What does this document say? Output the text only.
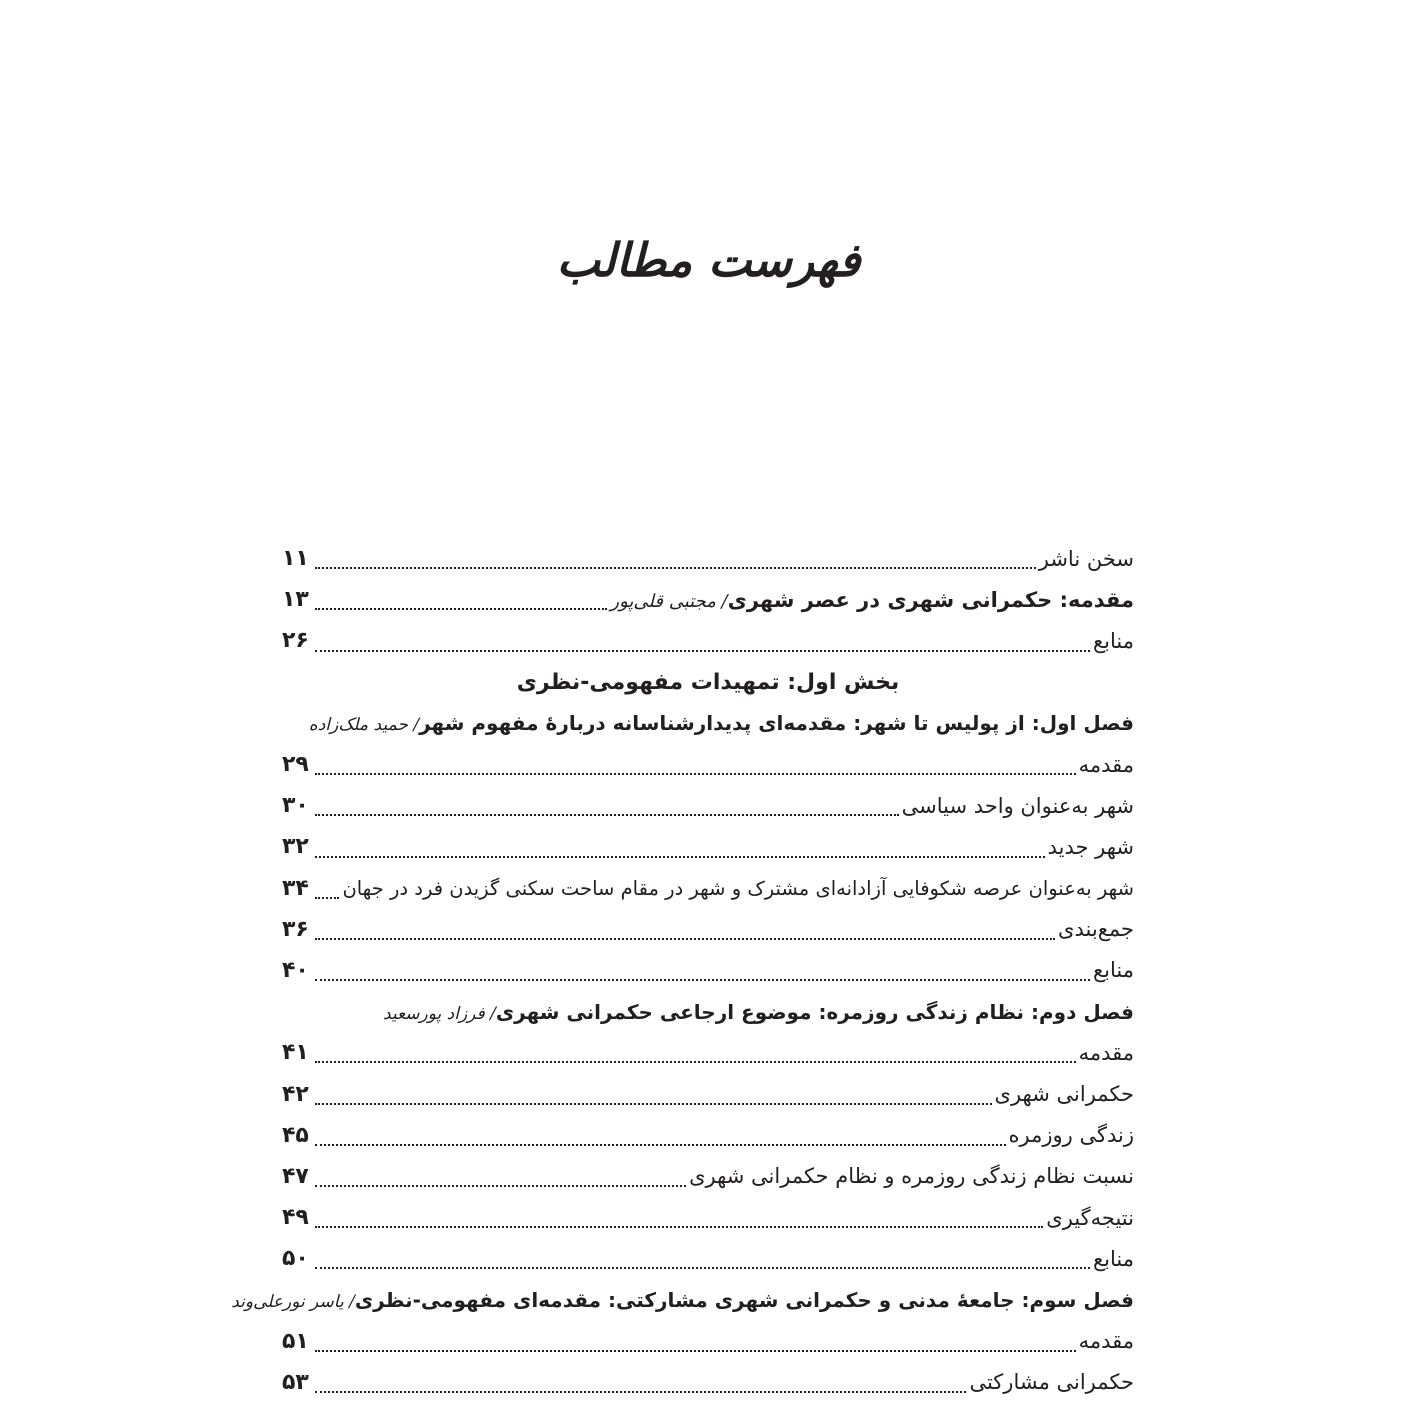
فهرست مطالب
سخن ناشر
۱۱
مقدمه: حکمرانی شهری در عصر شهری/ مجتبی قلی‌پور
۱۳
منابع
۲۶
بخش اول: تمهیدات مفهومی-نظری
فصل اول: از پولیس تا شهر: مقدمه‌ای پدیدارشناسانه دربارۀ مفهوم شهر/ حمید ملک‌زاده
مقدمه
۲۹
شهر به‌عنوان واحد سیاسی
۳۰
شهر جدید
۳۲
شهر به‌عنوان عرصه شکوفایی آزادانه‌ای مشترک و شهر در مقام ساحت سکنی گزیدن فرد در جهان
۳۴
جمع‌بندی
۳۶
منابع
۴۰
فصل دوم: نظام زندگی روزمره: موضوع ارجاعی حکمرانی شهری/ فرزاد پورسعید
مقدمه
۴۱
حکمرانی شهری
۴۲
زندگی روزمره
۴۵
نسبت نظام زندگی روزمره و نظام حکمرانی شهری
۴۷
نتیجه‌گیری
۴۹
منابع
۵۰
فصل سوم: جامعۀ مدنی و حکمرانی شهری مشارکتی: مقدمه‌ای مفهومی-نظری/ یاسر نورعلی‌وند
مقدمه
۵۱
حکمرانی مشارکتی
۵۳
